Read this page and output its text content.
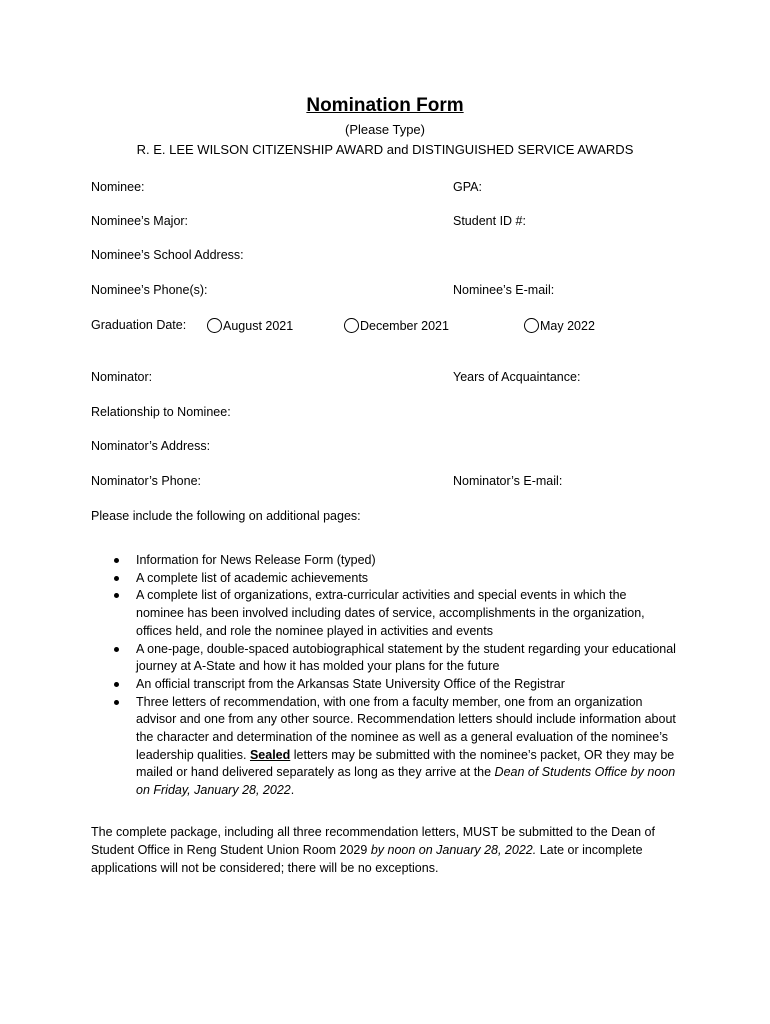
Nomination Form
(Please Type)
R. E. LEE WILSON CITIZENSHIP AWARD and DISTINGUISHED SERVICE AWARDS
Nominee:	GPA:
Nominee’s Major:	Student ID #:
Nominee’s School Address:
Nominee’s Phone(s):	Nominee’s E-mail:
Graduation Date:	August 2021	December 2021	May 2022
Nominator:	Years of Acquaintance:
Relationship to Nominee:
Nominator’s Address:
Nominator’s Phone:	Nominator’s E-mail:
Please include the following on additional pages:
Information for News Release Form (typed)
A complete list of academic achievements
A complete list of organizations, extra-curricular activities and special events in which the nominee has been involved including dates of service, accomplishments in the organization, offices held, and role the nominee played in activities and events
A one-page, double-spaced autobiographical statement by the student regarding your educational journey at A-State and how it has molded your plans for the future
An official transcript from the Arkansas State University Office of the Registrar
Three letters of recommendation, with one from a faculty member, one from an organization advisor and one from any other source. Recommendation letters should include information about the character and determination of the nominee as well as a general evaluation of the nominee’s leadership qualities. Sealed letters may be submitted with the nominee’s packet, OR they may be mailed or hand delivered separately as long as they arrive at the Dean of Students Office by noon on Friday, January 28, 2022.
The complete package, including all three recommendation letters, MUST be submitted to the Dean of Student Office in Reng Student Union Room 2029 by noon on January 28, 2022. Late or incomplete applications will not be considered; there will be no exceptions.
